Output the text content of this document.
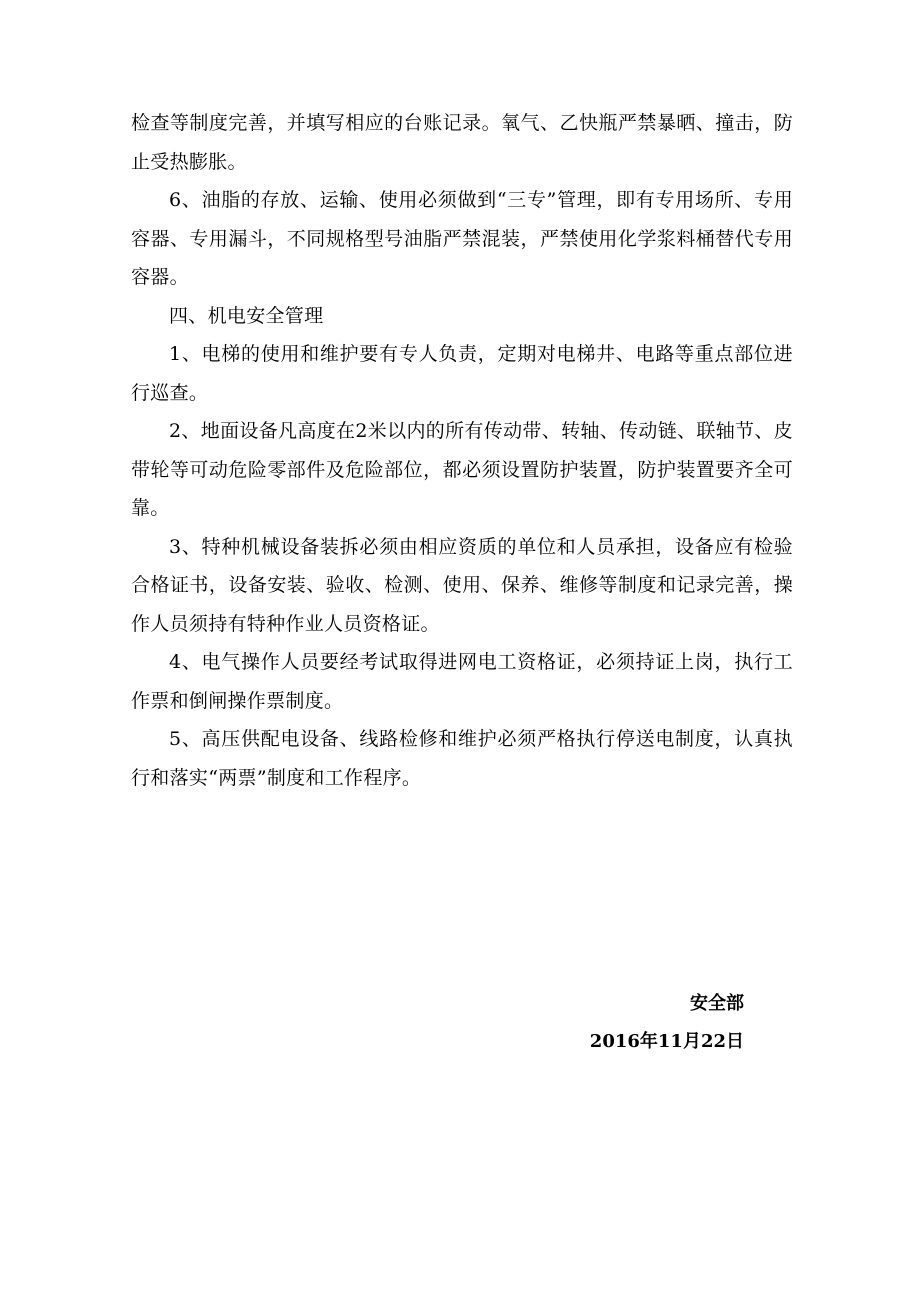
检查等制度完善，并填写相应的台账记录。氧气、乙快瓶严禁暴晒、撞击，防止受热膨胀。

6、油脂的存放、运输、使用必须做到“三专”管理，即有专用场所、专用容器、专用漏斗，不同规格型号油脂严禁混装，严禁使用化学浆料桶替代专用容器。

四、机电安全管理

1、电梯的使用和维护要有专人负责，定期对电梯井、电路等重点部位进行巡查。

2、地面设备凡高度在2米以内的所有传动带、转轴、传动链、联轴节、皮带轮等可动危险零部件及危险部位，都必须设置防护装置，防护装置要齐全可靠。

3、特种机械设备装拆必须由相应资质的单位和人员承担，设备应有检验合格证书，设备安装、验收、检测、使用、保养、维修等制度和记录完善，操作人员须持有特种作业人员资格证。

4、电气操作人员要经考试取得进网电工资格证，必须持证上岗，执行工作票和倒闸操作票制度。

5、高压供配电设备、线路检修和维护必须严格执行停送电制度，认真执行和落实“两票”制度和工作程序。

安全部
2016年11月22日
